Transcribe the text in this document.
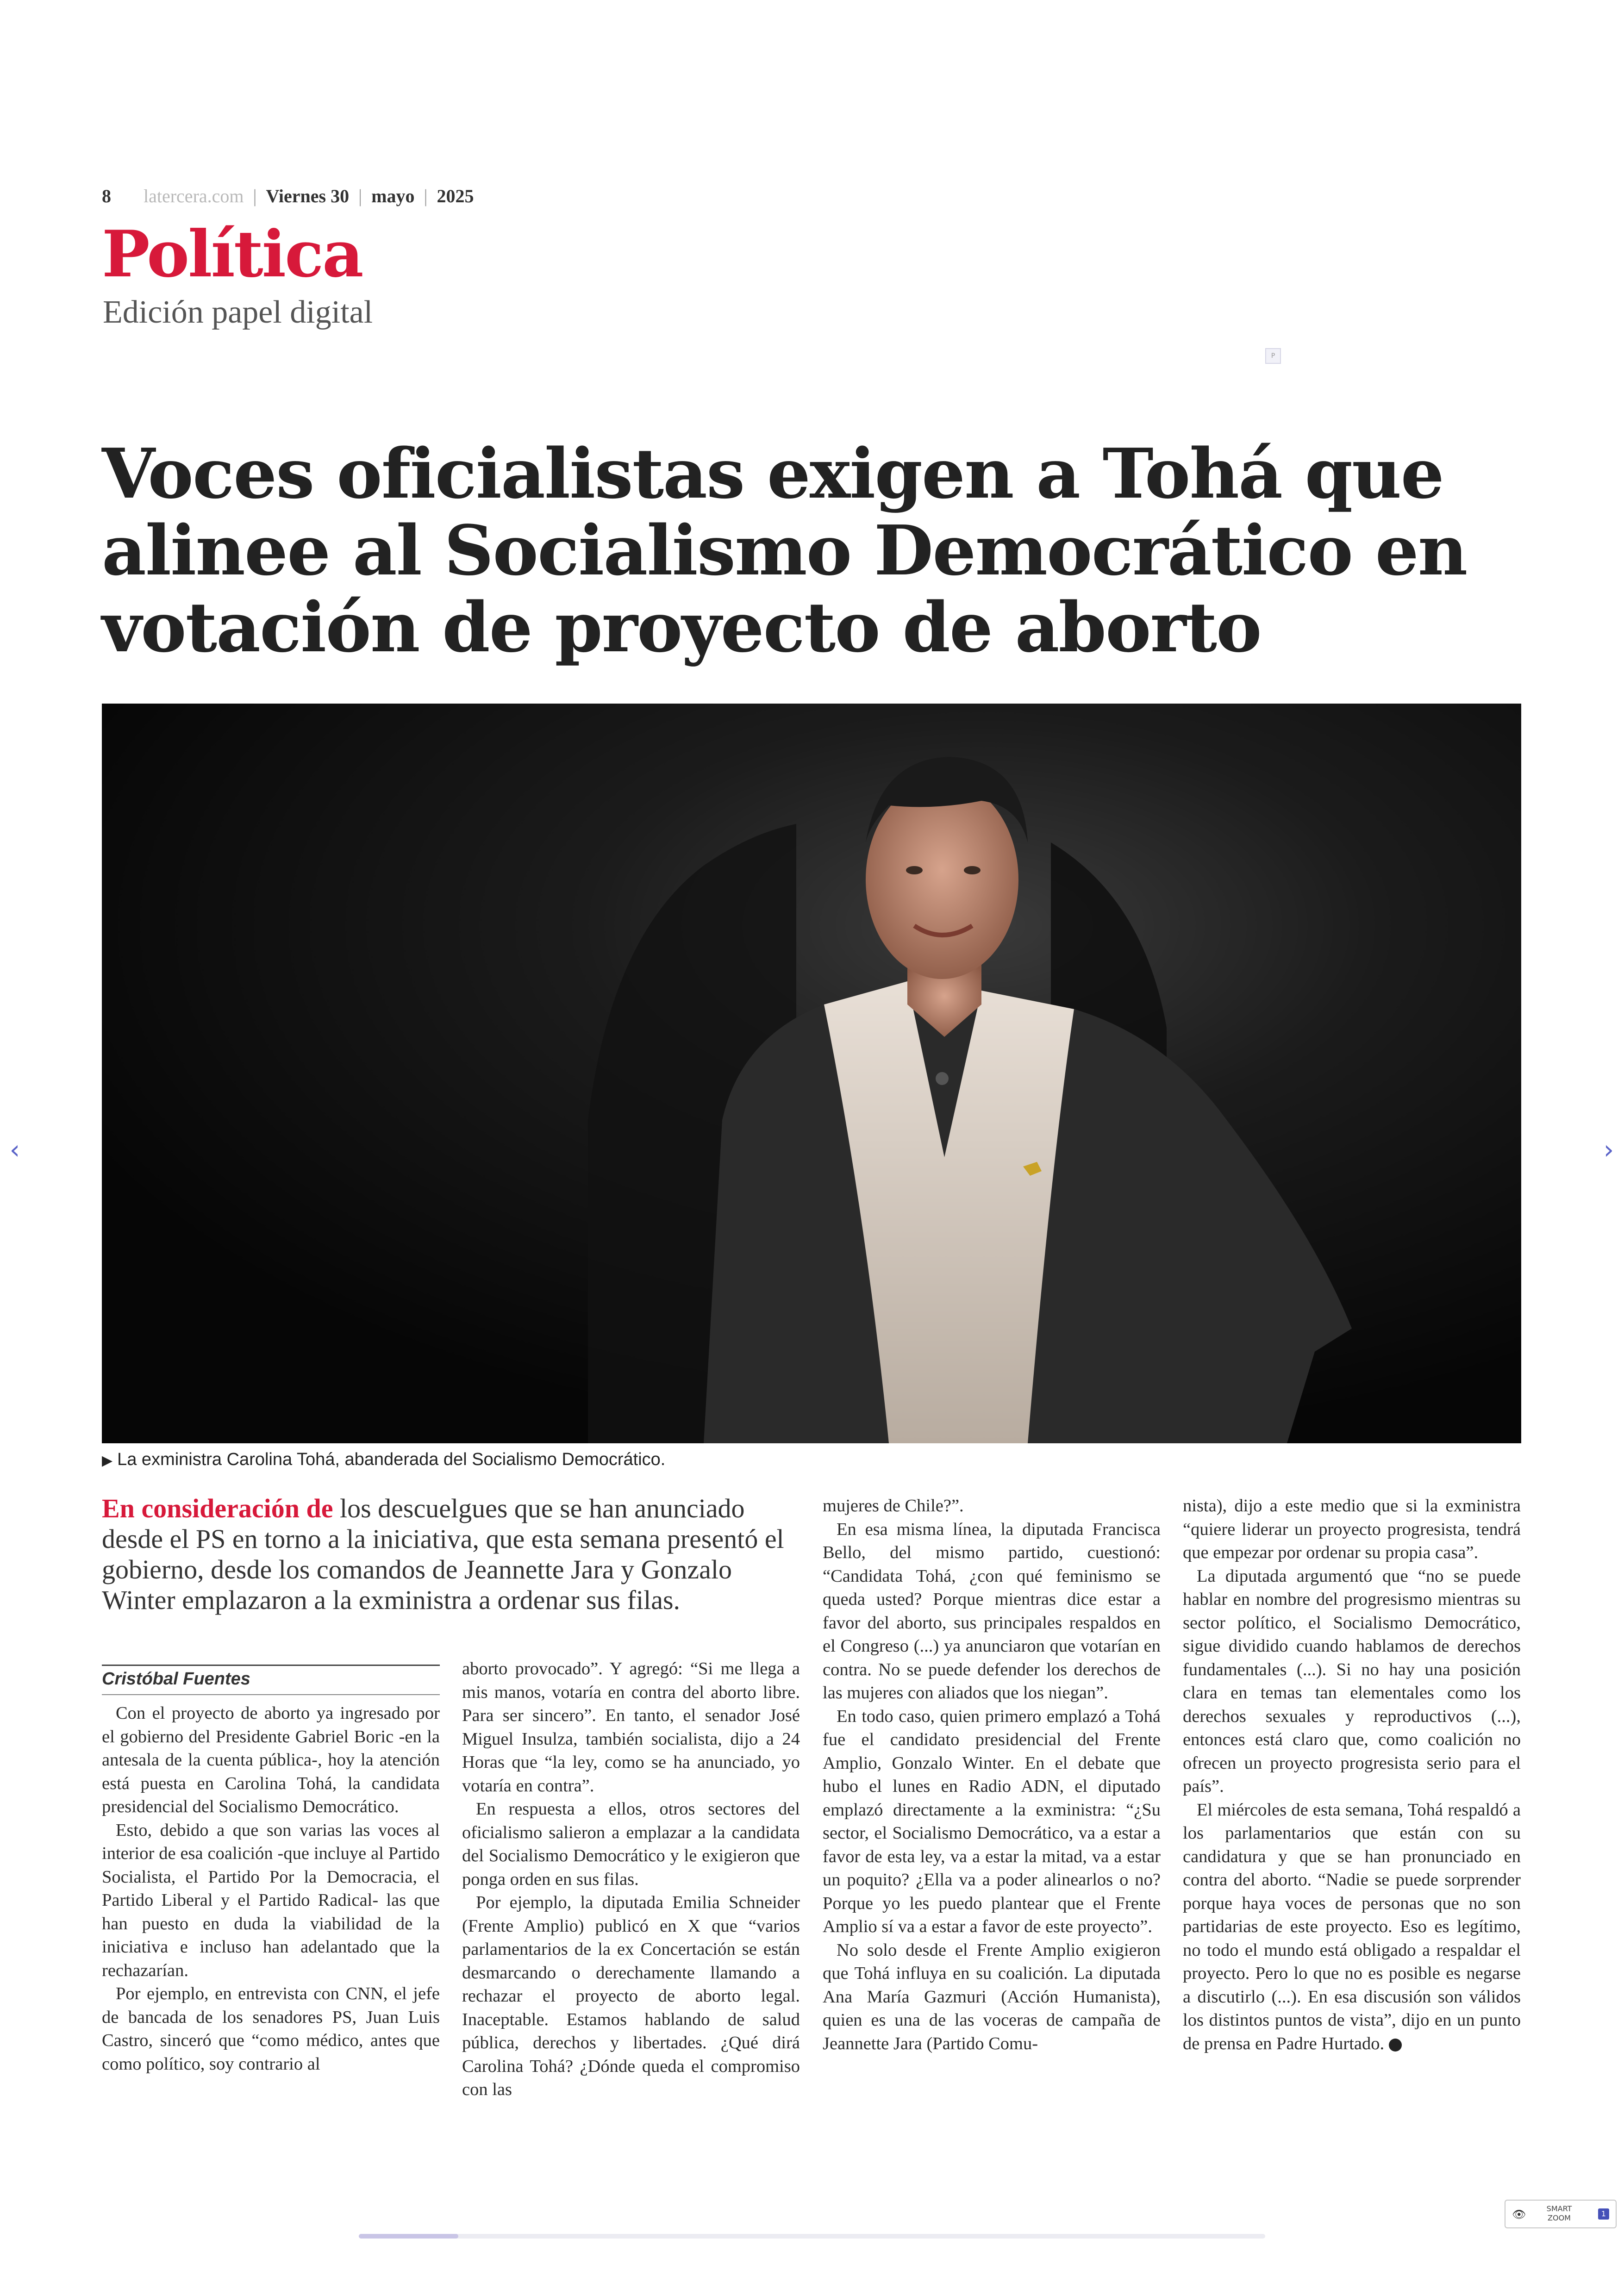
8 latercera.com | Viernes 30 | mayo | 2025
Política
Edición papel digital
P
Voces oficialistas exigen a Tohá que alinee al Socialismo Democrático en votación de proyecto de aborto
▶ La exministra Carolina Tohá, abanderada del Socialismo Democrático.

En consideración de los descuelgues que se han anunciado desde el PS en torno a la iniciativa, que esta semana presentó el gobierno, desde los comandos de Jeannette Jara y Gonzalo Winter emplazaron a la exministra a ordenar sus filas.

Cristóbal Fuentes

Con el proyecto de aborto ya ingresado por el gobierno del Presidente Gabriel Boric -en la antesala de la cuenta pública-, hoy la atención está puesta en Carolina Tohá, la candidata presidencial del Socialismo Democrático.

Esto, debido a que son varias las voces al interior de esa coalición -que incluye al Partido Socialista, el Partido Por la Democracia, el Partido Liberal y el Partido Radical- las que han puesto en duda la viabilidad de la iniciativa e incluso han adelantado que la rechazarían.

Por ejemplo, en entrevista con CNN, el jefe de bancada de los senadores PS, Juan Luis Castro, sinceró que “como médico, antes que como político, soy contrario al

aborto provocado”. Y agregó: “Si me llega a mis manos, votaría en contra del aborto libre. Para ser sincero”. En tanto, el senador José Miguel Insulza, también socialista, dijo a 24 Horas que “la ley, como se ha anunciado, yo votaría en contra”.

En respuesta a ellos, otros sectores del oficialismo salieron a emplazar a la candidata del Socialismo Democrático y le exigieron que ponga orden en sus filas.

Por ejemplo, la diputada Emilia Schneider (Frente Amplio) publicó en X que “varios parlamentarios de la ex Concertación se están desmarcando o derechamente llamando a rechazar el proyecto de aborto legal. Inaceptable. Estamos hablando de salud pública, derechos y libertades. ¿Qué dirá Carolina Tohá? ¿Dónde queda el compromiso con las

mujeres de Chile?”.

En esa misma línea, la diputada Francisca Bello, del mismo partido, cuestionó: “Candidata Tohá, ¿con qué feminismo se queda usted? Porque mientras dice estar a favor del aborto, sus principales respaldos en el Congreso (...) ya anunciaron que votarían en contra. No se puede defender los derechos de las mujeres con aliados que los niegan”.

En todo caso, quien primero emplazó a Tohá fue el candidato presidencial del Frente Amplio, Gonzalo Winter. En el debate que hubo el lunes en Radio ADN, el diputado emplazó directamente a la exministra: “¿Su sector, el Socialismo Democrático, va a estar a favor de esta ley, va a estar la mitad, va a estar un poquito? ¿Ella va a poder alinearlos o no? Porque yo les puedo plantear que el Frente Amplio sí va a estar a favor de este proyecto”.

No solo desde el Frente Amplio exigieron que Tohá influya en su coalición. La diputada Ana María Gazmuri (Acción Humanista), quien es una de las voceras de campaña de Jeannette Jara (Partido Comu-

nista), dijo a este medio que si la exministra “quiere liderar un proyecto progresista, tendrá que empezar por ordenar su propia casa”.

La diputada argumentó que “no se puede hablar en nombre del progresismo mientras su sector político, el Socialismo Democrático, sigue dividido cuando hablamos de derechos fundamentales (...). Si no hay una posición clara en temas tan elementales como los derechos sexuales y reproductivos (...), entonces está claro que, como coalición no ofrecen un proyecto progresista serio para el país”.

El miércoles de esta semana, Tohá respaldó a los parlamentarios que están con su candidatura y que se han pronunciado en contra del aborto. “Nadie se puede sorprender porque haya voces de personas que no son partidarias de este proyecto. Eso es legítimo, no todo el mundo está obligado a respaldar el proyecto. Pero lo que no es posible es negarse a discutirlo (...). En esa discusión son válidos los distintos puntos de vista”, dijo en un punto de prensa en Padre Hurtado.

‹	›
👁	SMART
ZOOM	1
